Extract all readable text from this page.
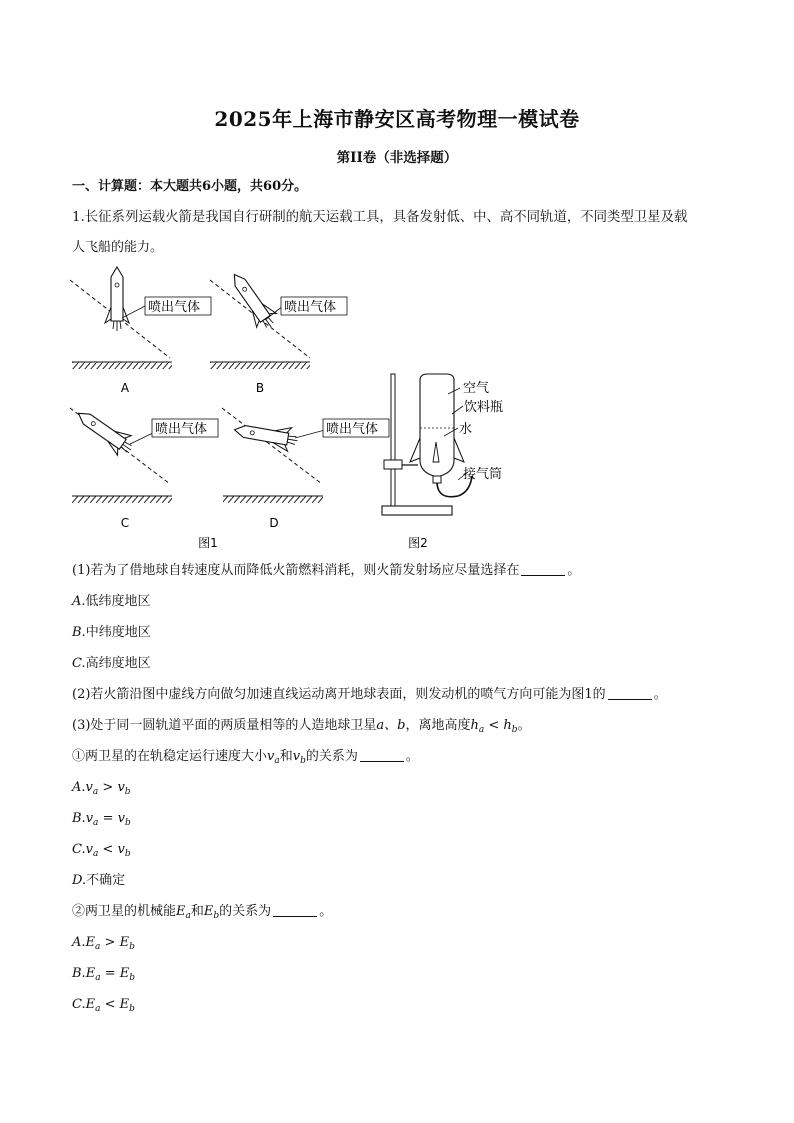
2025年上海市静安区高考物理一模试卷
第II卷（非选择题）
一、计算题：本大题共6小题，共60分。
1.长征系列运载火箭是我国自行研制的航天运载工具，具备发射低、中、高不同轨道，不同类型卫星及载
人飞船的能力。
喷出气体
A
喷出气体
B
喷出气体
C
喷出气体
D
图1
空气
饮料瓶
水
接气筒
图2
(1)若为了借地球自转速度从而降低火箭燃料消耗，则火箭发射场应尽量选择在	。
A.低纬度地区
B.中纬度地区
C.高纬度地区
(2)若火箭沿图中虚线方向做匀加速直线运动离开地球表面，则发动机的喷气方向可能为图1的	。
(3)处于同一圆轨道平面的两质量相等的人造地球卫星a、b，离地高度$h_a < h_b$。
①两卫星的在轨稳定运行速度大小$v_a$和$v_b$的关系为	。
$A.v_a > v_b$
$B.v_a = v_b$
$C.v_a < v_b$
D.不确定
②两卫星的机械能$E_a$和$E_b$的关系为	。
$A.E_a > E_b$
$B.E_a = E_b$
$C.E_a < E_b$
